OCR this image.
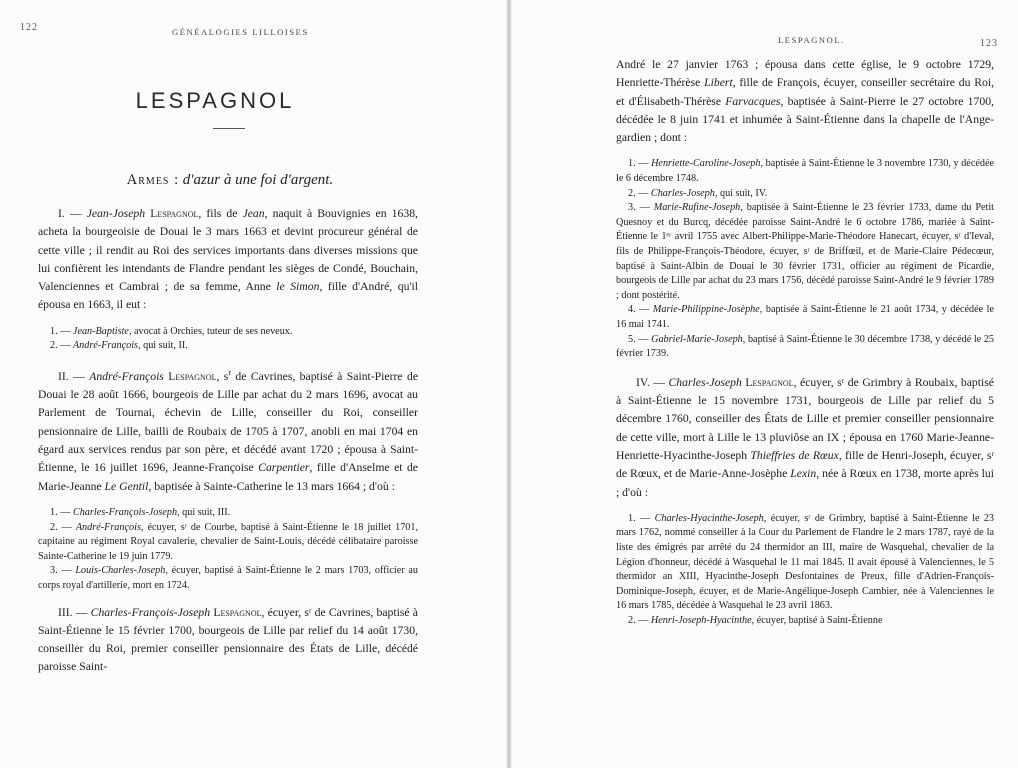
122	GÉNÉALOGIES LILLOISES
LESPAGNOL
Armes : d'azur à une foi d'argent.

I. — Jean-Joseph Lespagnol, fils de Jean, naquit à Bouvignies en 1638, acheta la bourgeoisie de Douai le 3 mars 1663 et devint procureur général de cette ville ; il rendit au Roi des services importants dans diverses missions que lui confièrent les intendants de Flandre pendant les sièges de Condé, Bouchain, Valenciennes et Cambrai ; de sa femme, Anne le Simon, fille d'André, qu'il épousa en 1663, il eut :

1. — Jean-Baptiste, avocat à Orchies, tuteur de ses neveux.

2. — André-François, qui suit, II.

II. — André-François Lespagnol, $s^r$ de Cavrines, baptisé à Saint-Pierre de Douai le 28 août 1666, bourgeois de Lille par achat du 2 mars 1696, avocat au Parlement de Tournai, échevin de Lille, conseiller du Roi, conseiller pensionnaire de Lille, bailli de Roubaix de 1705 à 1707, anobli en mai 1704 en égard aux services rendus par son père, et décédé avant 1720 ; épousa à Saint-Étienne, le 16 juillet 1696, Jeanne-Françoise Carpentier, fille d'Anselme et de Marie-Jeanne Le Gentil, baptisée à Sainte-Catherine le 13 mars 1664 ; d'où :

1. — Charles-François-Joseph, qui suit, III.

2. — André-François, écuyer, sʳ de Courbe, baptisé à Saint-Étienne le 18 juillet 1701, capitaine au régiment Royal cavalerie, chevalier de Saint-Louis, décédé célibataire paroisse Sainte-Catherine le 19 juin 1779.

3. — Louis-Charles-Joseph, écuyer, baptisé à Saint-Étienne le 2 mars 1703, officier au corps royal d'artillerie, mort en 1724.

III. — Charles-François-Joseph Lespagnol, écuyer, sʳ de Cavrines, baptisé à Saint-Étienne le 15 février 1700, bourgeois de Lille par relief du 14 août 1730, conseiller du Roi, premier conseiller pensionnaire des États de Lille, décédé paroisse Saint-

LESPAGNOL.	123

André le 27 janvier 1763 ; épousa dans cette église, le 9 octobre 1729, Henriette-Thérèse Libert, fille de François, écuyer, conseiller secrétaire du Roi, et d'Élisabeth-Thérèse Farvacques, baptisée à Saint-Pierre le 27 octobre 1700, décédée le 8 juin 1741 et inhumée à Saint-Étienne dans la chapelle de l'Ange-gardien ; dont :

1. — Henriette-Caroline-Joseph, baptisée à Saint-Étienne le 3 novembre 1730, y décédée le 6 décembre 1748.

2. — Charles-Joseph, qui suit, IV.

3. — Marie-Rufine-Joseph, baptisée à Saint-Étienne le 23 février 1733, dame du Petit Quesnoy et du Burcq, décédée paroisse Saint-André le 6 octobre 1786, mariée à Saint-Étienne le 1ᵉʳ avril 1755 avec Albert-Philippe-Marie-Théodore Hanecart, écuyer, sʳ d'Ieval, fils de Philippe-François-Théodore, écuyer, sʳ de Briffœil, et de Marie-Claire Pédecœur, baptisé à Saint-Albin de Douai le 30 février 1731, officier au régiment de Picardie, bourgeois de Lille par achat du 23 mars 1756, décédé paroisse Saint-André le 9 février 1789 ; dont postérité.

4. — Marie-Philippine-Josèphe, baptisée à Saint-Étienne le 21 août 1734, y décédée le 16 mai 1741.

5. — Gabriel-Marie-Joseph, baptisé à Saint-Étienne le 30 décembre 1738, y décédé le 25 février 1739.

IV. — Charles-Joseph Lespagnol, écuyer, sʳ de Grimbry à Roubaix, baptisé à Saint-Étienne le 15 novembre 1731, bourgeois de Lille par relief du 5 décembre 1760, conseiller des États de Lille et premier conseiller pensionnaire de cette ville, mort à Lille le 13 pluviôse an IX ; épousa en 1760 Marie-Jeanne-Henriette-Hyacinthe-Joseph Thieffries de Rœux, fille de Henri-Joseph, écuyer, sʳ de Rœux, et de Marie-Anne-Josèphe Lexin, née à Rœux en 1738, morte après lui ; d'où :

1. — Charles-Hyacinthe-Joseph, écuyer, sʳ de Grimbry, baptisé à Saint-Étienne le 23 mars 1762, nommé conseiller à la Cour du Parlement de Flandre le 2 mars 1787, rayé de la liste des émigrés par arrêté du 24 thermidor an III, maire de Wasquehal, chevalier de la Légion d'honneur, décédé à Wasquehal le 11 mai 1845. Il avait épousé à Valenciennes, le 5 thermidor an XIII, Hyacinthe-Joseph Desfontaines de Preux, fille d'Adrien-François-Dominique-Joseph, écuyer, et de Marie-Angélique-Joseph Cambier, née à Valenciennes le 16 mars 1785, décédée à Wasquehal le 23 avril 1863.

2. — Henri-Joseph-Hyacinthe, écuyer, baptisé à Saint-Étienne
